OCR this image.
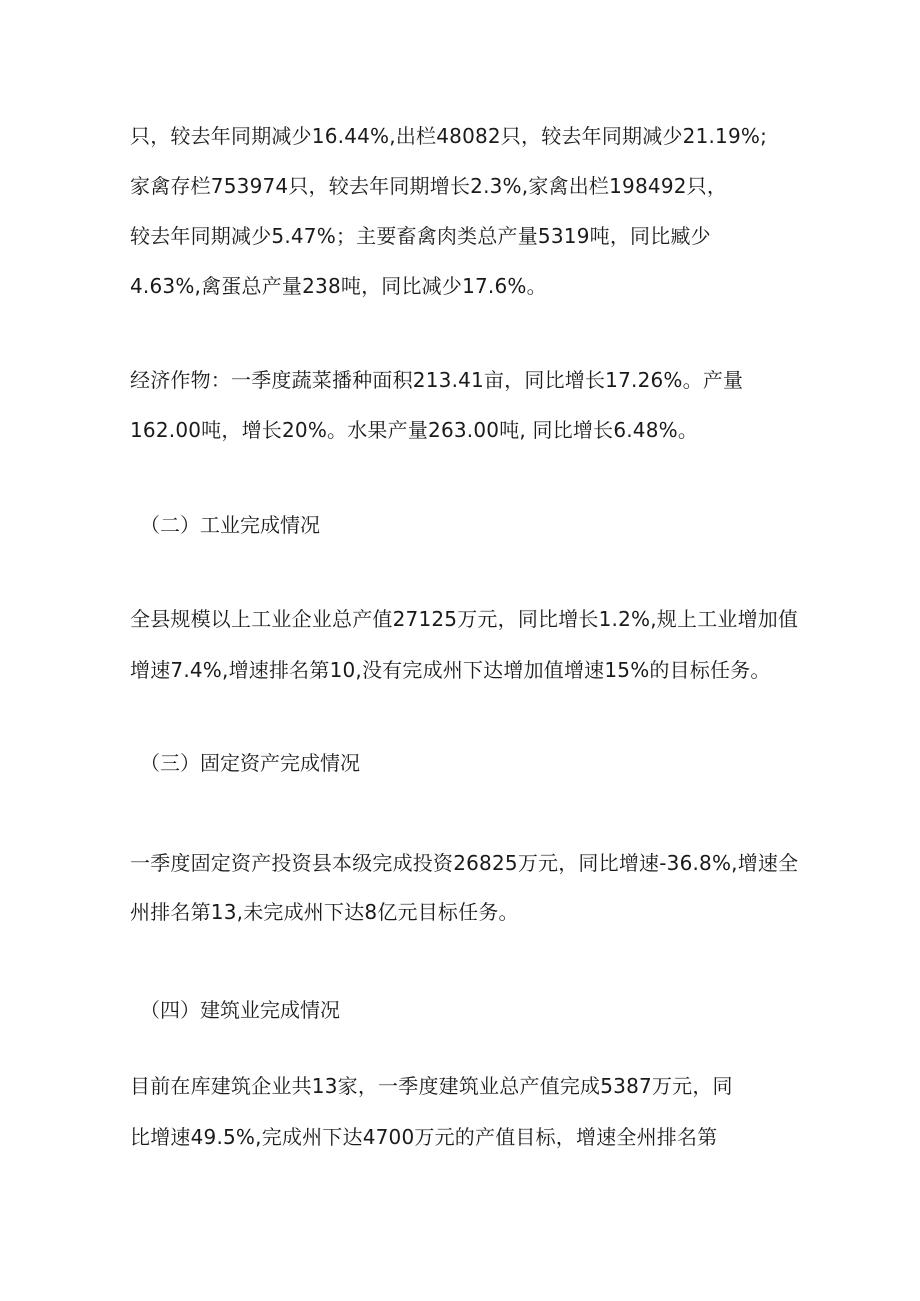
只，较去年同期减少16.44%,出栏48082只，较去年同期减少21.19%;
家禽存栏753974只，较去年同期增长2.3%,家禽出栏198492只，
较去年同期减少5.47%；主要畜禽肉类总产量5319吨，同比臧少
4.63%,禽蛋总产量238吨，同比减少17.6%。
经济作物：一季度蔬菜播种面积213.41亩，同比增长17.26%。产量
162.00吨，增长20%。水果产量263.00吨, 同比增长6.48%。
（二）工业完成情况
全县规模以上工业企业总产值27125万元，同比增长1.2%,规上工业增加值
增速7.4%,增速排名第10,没有完成州下达增加值增速15%的目标任务。
（三）固定资产完成情况
一季度固定资产投资县本级完成投资26825万元，同比增速-36.8%,增速全
州排名第13,未完成州下达8亿元目标任务。
（四）建筑业完成情况
目前在库建筑企业共13家，一季度建筑业总产值完成5387万元，同
比增速49.5%,完成州下达4700万元的产值目标，增速全州排名第
